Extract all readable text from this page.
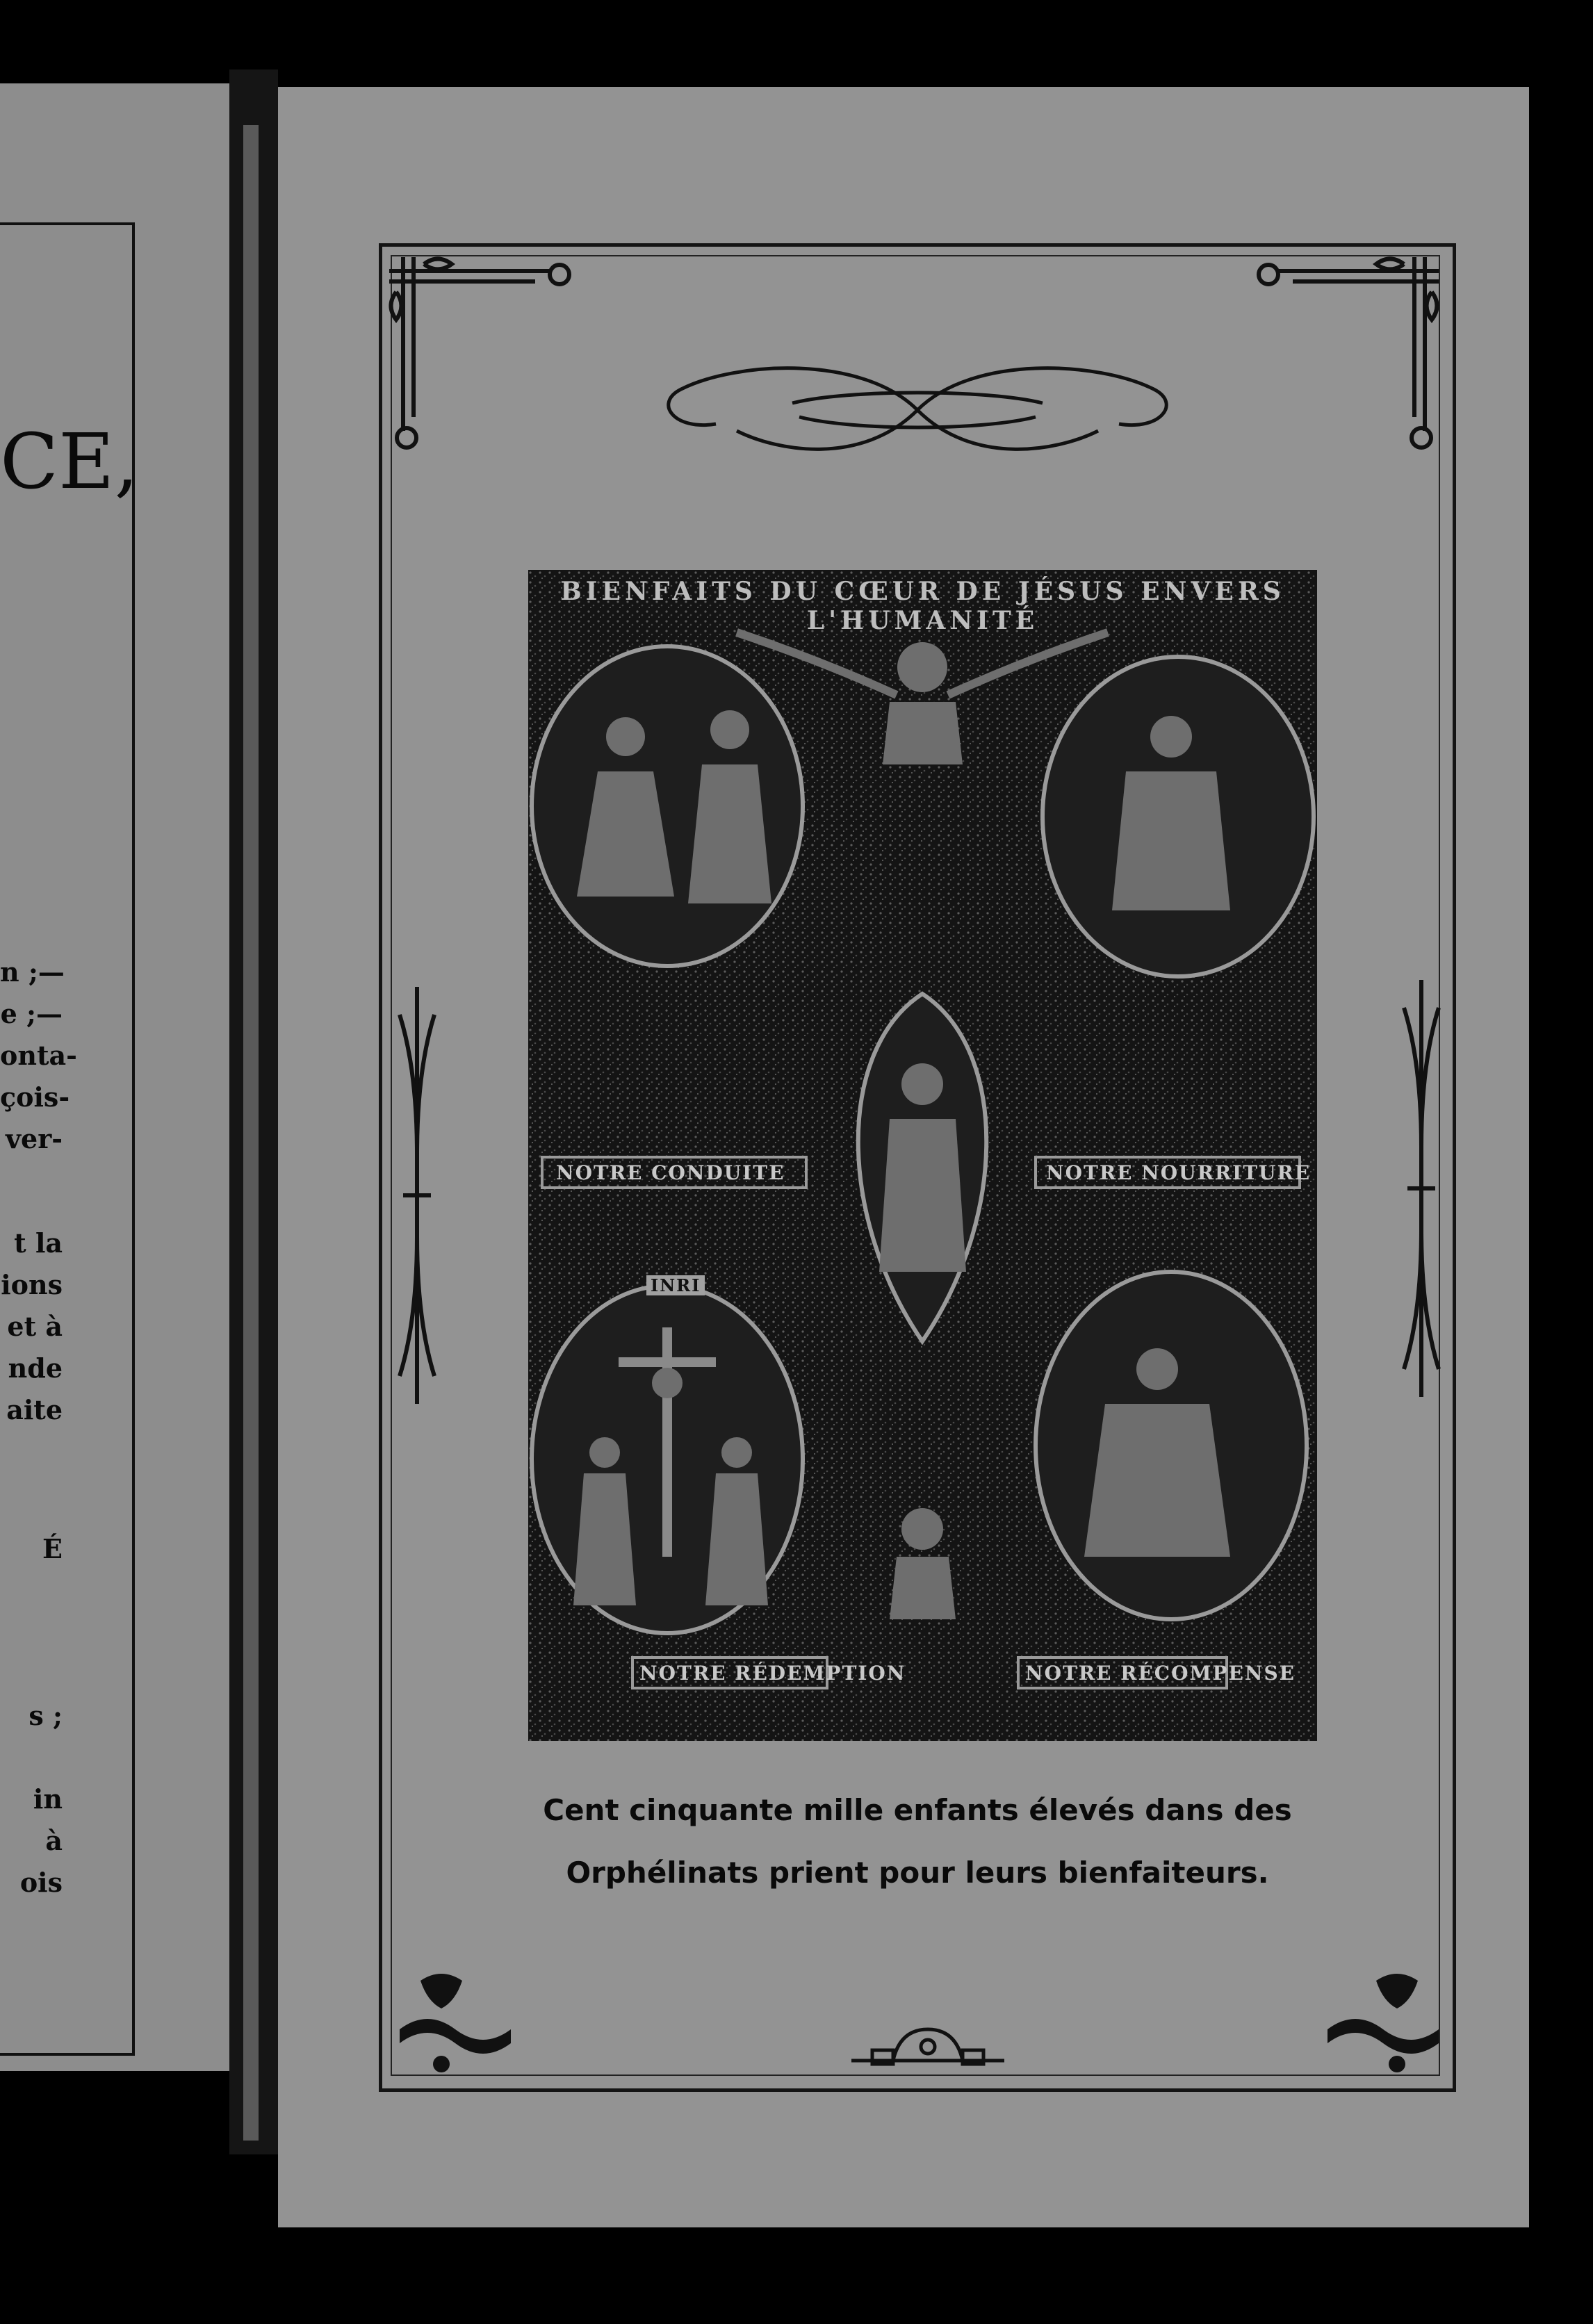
CE,
n ;—
e ;—
onta-
çois-
ver-
t la
ions
et à
nde
aite
É
s ;
in
à
ois
BIENFAITS DU CŒUR DE JÉSUS ENVERS L'HUMANITÉ
NOTRE CONDUITE	NOTRE NOURRITURE
NOTRE RÉDEMPTION	NOTRE RÉCOMPENSE
INRI
Cent cinquante mille enfants élevés dans des
Orphélinats prient pour leurs bienfaiteurs.
